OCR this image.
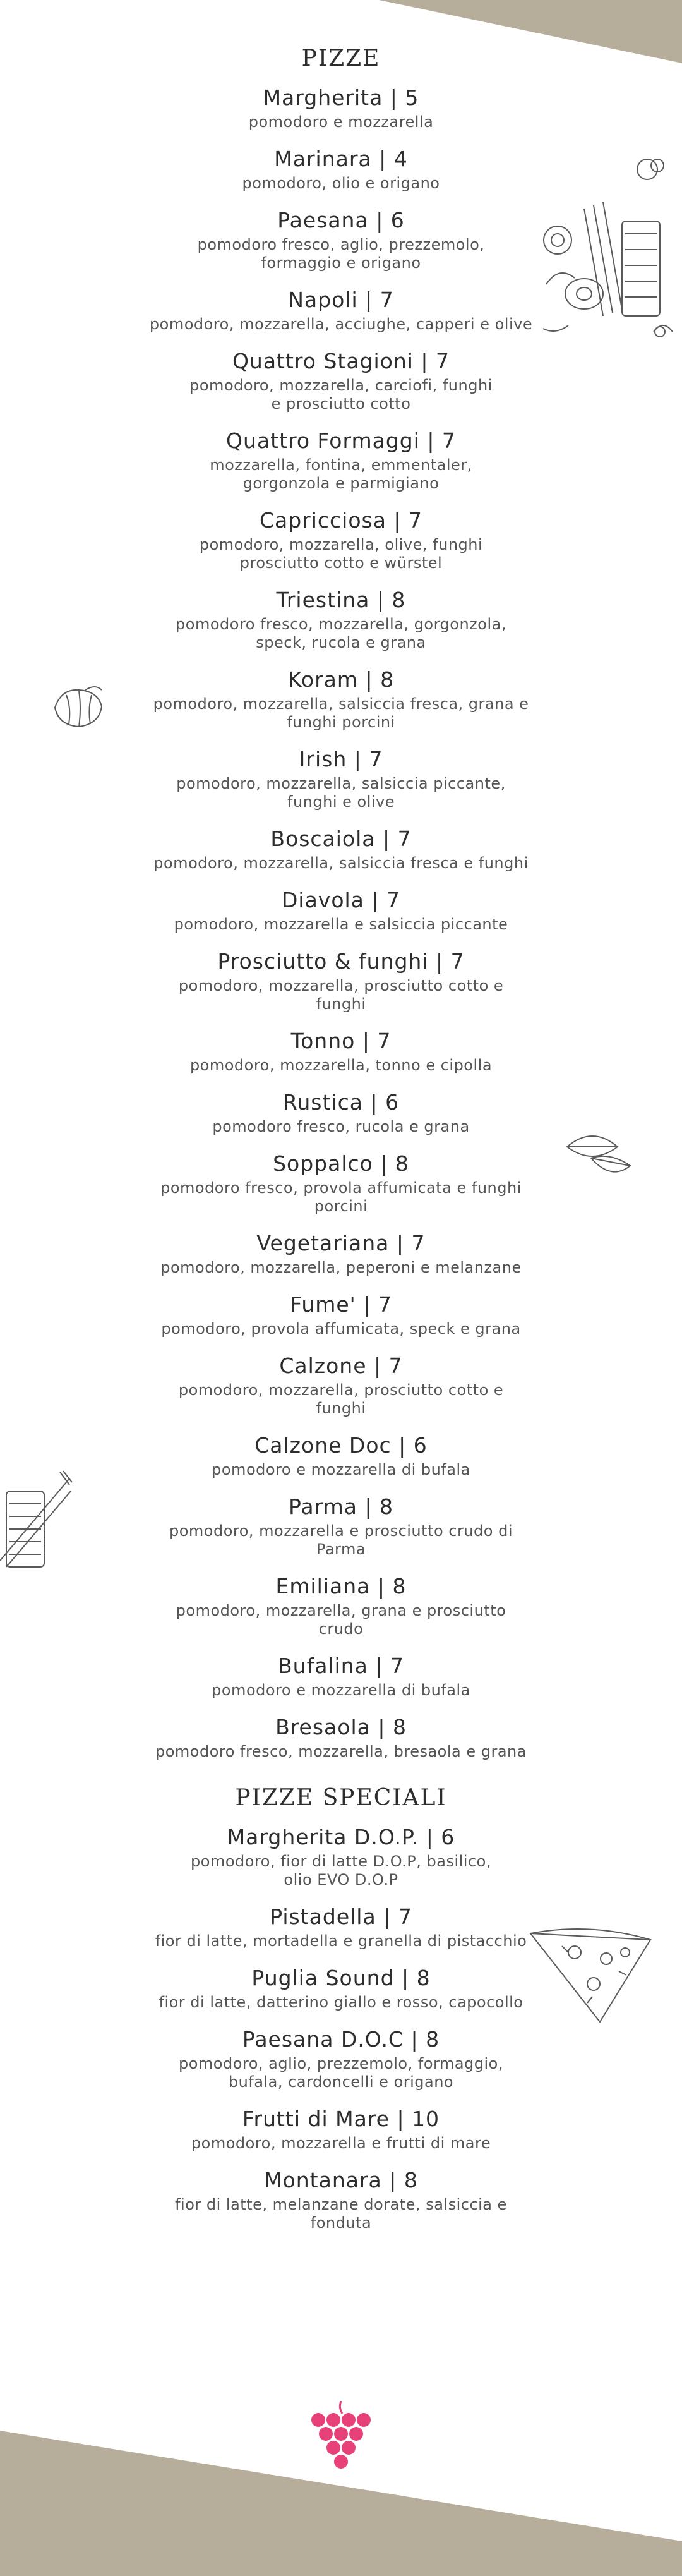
PIZZE
Margherita | 5
pomodoro e mozzarella
Marinara | 4
pomodoro, olio e origano
Paesana | 6
pomodoro fresco, aglio, prezzemolo, formaggio e origano
Napoli | 7
pomodoro, mozzarella, acciughe, capperi e olive
Quattro Stagioni | 7
pomodoro, mozzarella, carciofi, funghi e prosciutto cotto
Quattro Formaggi | 7
mozzarella, fontina, emmentaler, gorgonzola e parmigiano
Capricciosa | 7
pomodoro, mozzarella, olive, funghi prosciutto cotto e würstel
Triestina | 8
pomodoro fresco, mozzarella, gorgonzola, speck, rucola e grana
Koram | 8
pomodoro, mozzarella, salsiccia fresca, grana e funghi porcini
Irish | 7
pomodoro, mozzarella, salsiccia piccante, funghi e olive
Boscaiola | 7
pomodoro, mozzarella, salsiccia fresca e funghi
Diavola | 7
pomodoro, mozzarella e salsiccia piccante
Prosciutto & funghi | 7
pomodoro, mozzarella, prosciutto cotto e funghi
Tonno | 7
pomodoro, mozzarella, tonno e cipolla
Rustica | 6
pomodoro fresco, rucola e grana
Soppalco | 8
pomodoro fresco, provola affumicata e funghi porcini
Vegetariana | 7
pomodoro, mozzarella, peperoni e melanzane
Fume' | 7
pomodoro, provola affumicata, speck e grana
Calzone | 7
pomodoro, mozzarella, prosciutto cotto e funghi
Calzone Doc | 6
pomodoro e mozzarella di bufala
Parma | 8
pomodoro, mozzarella e prosciutto crudo di Parma
Emiliana | 8
pomodoro, mozzarella, grana e prosciutto crudo
Bufalina | 7
pomodoro e mozzarella di bufala
Bresaola | 8
pomodoro fresco, mozzarella, bresaola e grana
PIZZE SPECIALI
Margherita D.O.P. | 6
pomodoro, fior di latte D.O.P, basilico, olio EVO D.O.P
Pistadella | 7
fior di latte, mortadella e granella di pistacchio
Puglia Sound | 8
fior di latte, datterino giallo e rosso, capocollo
Paesana D.O.C | 8
pomodoro, aglio, prezzemolo, formaggio, bufala, cardoncelli e origano
Frutti di Mare | 10
pomodoro, mozzarella e frutti di mare
Montanara | 8
fior di latte, melanzane dorate, salsiccia e fonduta
